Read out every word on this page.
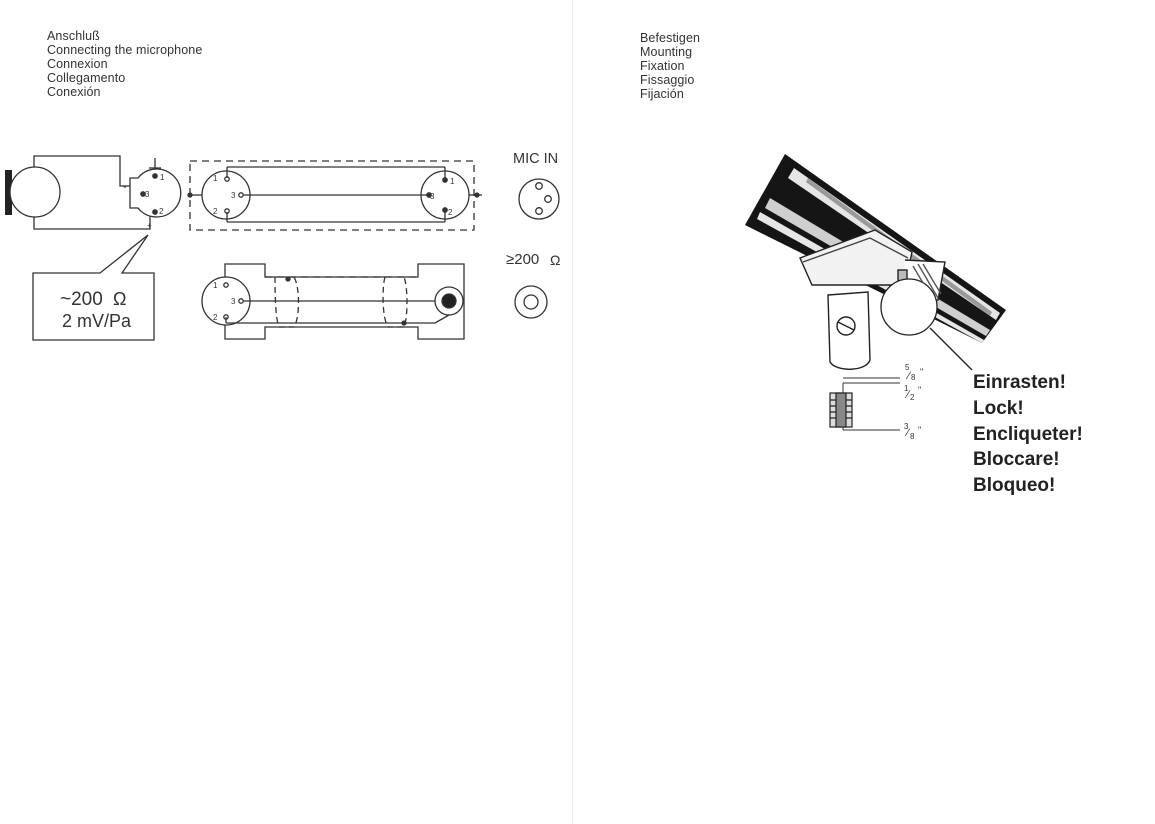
Anschluß
Connecting the microphone
Connexion
Collegamento
Conexión
Befestigen
Mounting
Fixation
Fissaggio
Fijación
1
3
2
-
+
~200 Ω
2 mV/Pa
1
3
2
1
3
2
1
3
2
MIC IN
≥200 Ω
5
⁄ 8
"
1
⁄ 2
"
3
⁄ 8
"
Einrasten!
Lock!
Encliqueter!
Bloccare!
Bloqueo!
